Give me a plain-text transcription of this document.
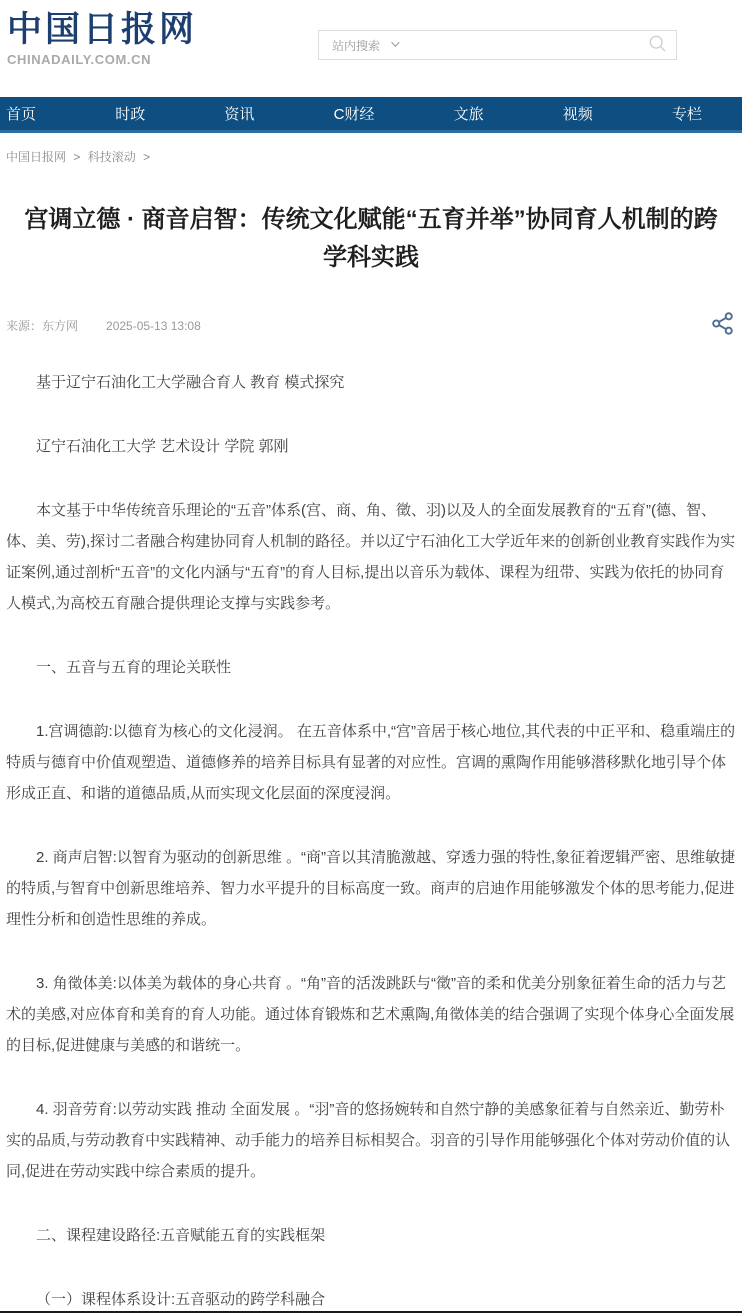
中国日报网
CHINADAILY.COM.CN
站内搜索
首页	时政	资讯	C财经	文旅	视频	专栏
中国日报网 > 科技滚动 >
宫调立德 · 商音启智：传统文化赋能“五育并举”协同育人机制的跨学科实践
来源：东方网 2025-05-13 13:08

基于辽宁石油化工大学融合育人 教育 模式探究

辽宁石油化工大学 艺术设计 学院 郭刚

本文基于中华传统音乐理论的“五音”体系(宫、商、角、徵、羽)以及人的全面发展教育的“五育”(德、智、体、美、劳),探讨二者融合构建协同育人机制的路径。并以辽宁石油化工大学近年来的创新创业教育实践作为实证案例,通过剖析“五音”的文化内涵与“五育”的育人目标,提出以音乐为载体、课程为纽带、实践为依托的协同育人模式,为高校五育融合提供理论支撑与实践参考。

一、五音与五育的理论关联性

1.宫调德韵:以德育为核心的文化浸润。 在五音体系中,“宫”音居于核心地位,其代表的中正平和、稳重端庄的特质与德育中价值观塑造、道德修养的培养目标具有显著的对应性。宫调的熏陶作用能够潜移默化地引导个体形成正直、和谐的道德品质,从而实现文化层面的深度浸润。

2. 商声启智:以智育为驱动的创新思维 。“商”音以其清脆激越、穿透力强的特性,象征着逻辑严密、思维敏捷的特质,与智育中创新思维培养、智力水平提升的目标高度一致。商声的启迪作用能够激发个体的思考能力,促进理性分析和创造性思维的养成。

3. 角徵体美:以体美为载体的身心共育 。“角”音的活泼跳跃与“徵”音的柔和优美分别象征着生命的活力与艺术的美感,对应体育和美育的育人功能。通过体育锻炼和艺术熏陶,角徵体美的结合强调了实现个体身心全面发展的目标,促进健康与美感的和谐统一。

4. 羽音劳育:以劳动实践 推动 全面发展 。“羽”音的悠扬婉转和自然宁静的美感象征着与自然亲近、勤劳朴实的品质,与劳动教育中实践精神、动手能力的培养目标相契合。羽音的引导作用能够强化个体对劳动价值的认同,促进在劳动实践中综合素质的提升。

二、课程建设路径:五音赋能五育的实践框架

（一）课程体系设计:五音驱动的跨学科融合
